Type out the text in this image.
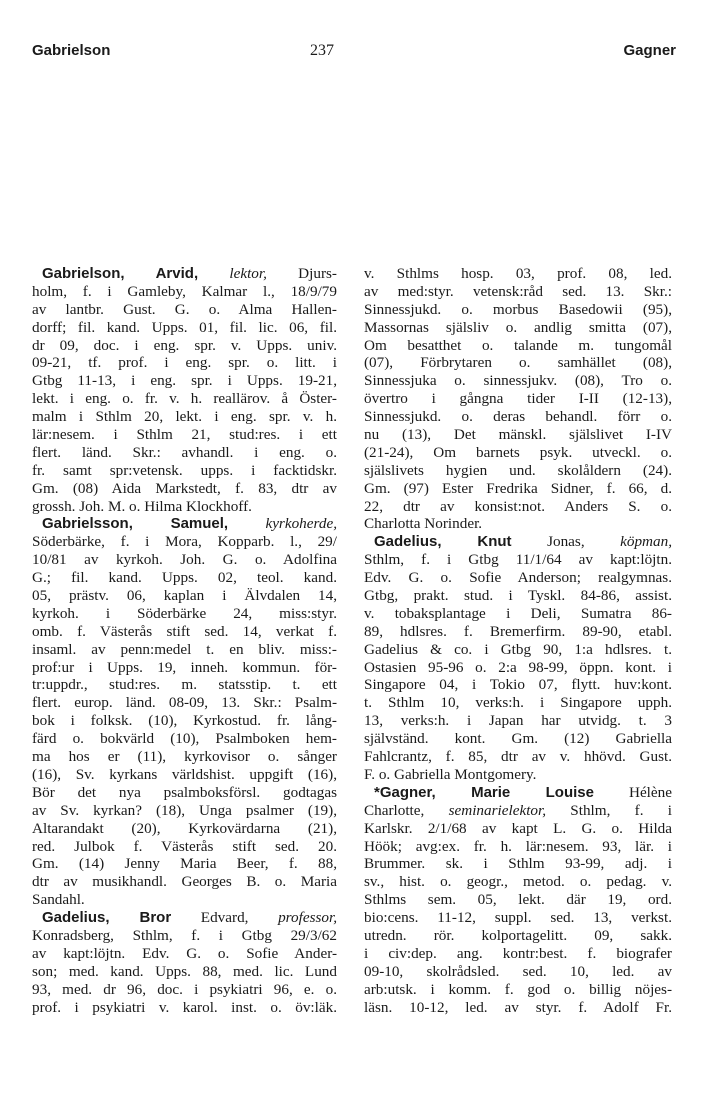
Gabrielson	237	Gagner
Gabrielson, Arvid, lektor, Djurs-
holm, f. i Gamleby, Kalmar l., 18/9/79
av lantbr. Gust. G. o. Alma Hallen-
dorff; fil. kand. Upps. 01, fil. lic. 06, fil.
dr 09, doc. i eng. spr. v. Upps. univ.
09-21, tf. prof. i eng. spr. o. litt. i
Gtbg 11-13, i eng. spr. i Upps. 19-21,
lekt. i eng. o. fr. v. h. reallärov. å Öster-
malm i Sthlm 20, lekt. i eng. spr. v. h.
lär:nesem. i Sthlm 21, stud:res. i ett
flert. länd. Skr.: avhandl. i eng. o.
fr. samt spr:vetensk. upps. i facktidskr.
Gm. (08) Aida Markstedt, f. 83, dtr av
grossh. Joh. M. o. Hilma Klockhoff.
Gabrielsson, Samuel, kyrkoherde,
Söderbärke, f. i Mora, Kopparb. l., 29/
10/81 av kyrkoh. Joh. G. o. Adolfina
G.; fil. kand. Upps. 02, teol. kand.
05, prästv. 06, kaplan i Älvdalen 14,
kyrkoh. i Söderbärke 24, miss:styr.
omb. f. Västerås stift sed. 14, verkat f.
insaml. av penn:medel t. en bliv. miss:-
prof:ur i Upps. 19, inneh. kommun. för-
tr:uppdr., stud:res. m. statsstip. t. ett
flert. europ. länd. 08-09, 13. Skr.: Psalm-
bok i folksk. (10), Kyrkostud. fr. lång-
färd o. bokvärld (10), Psalmboken hem-
ma hos er (11), kyrkovisor o. sånger
(16), Sv. kyrkans världshist. uppgift (16),
Bör det nya psalmboksförsl. godtagas
av Sv. kyrkan? (18), Unga psalmer (19),
Altarandakt (20), Kyrkovärdarna (21),
red. Julbok f. Västerås stift sed. 20.
Gm. (14) Jenny Maria Beer, f. 88,
dtr av musikhandl. Georges B. o. Maria
Sandahl.
Gadelius, Bror Edvard, professor,
Konradsberg, Sthlm, f. i Gtbg 29/3/62
av kapt:löjtn. Edv. G. o. Sofie Ander-
son; med. kand. Upps. 88, med. lic. Lund
93, med. dr 96, doc. i psykiatri 96, e. o.
prof. i psykiatri v. karol. inst. o. öv:läk.
v. Sthlms hosp. 03, prof. 08, led.
av med:styr. vetensk:råd sed. 13. Skr.:
Sinnessjukd. o. morbus Basedowii (95),
Massornas själsliv o. andlig smitta (07),
Om besatthet o. talande m. tungomål
(07), Förbrytaren o. samhället (08),
Sinnessjuka o. sinnessjukv. (08), Tro o.
övertro i gångna tider I-II (12-13),
Sinnessjukd. o. deras behandl. förr o.
nu (13), Det mänskl. själslivet I-IV
(21-24), Om barnets psyk. utveckl. o.
själslivets hygien und. skolåldern (24).
Gm. (97) Ester Fredrika Sidner, f. 66, d.
22, dtr av konsist:not. Anders S. o.
Charlotta Norinder.
Gadelius, Knut Jonas, köpman,
Sthlm, f. i Gtbg 11/1/64 av kapt:löjtn.
Edv. G. o. Sofie Anderson; realgymnas.
Gtbg, prakt. stud. i Tyskl. 84-86, assist.
v. tobaksplantage i Deli, Sumatra 86-
89, hdlsres. f. Bremerfirm. 89-90, etabl.
Gadelius & co. i Gtbg 90, 1:a hdlsres. t.
Ostasien 95-96 o. 2:a 98-99, öppn. kont. i
Singapore 04, i Tokio 07, flytt. huv:kont.
t. Sthlm 10, verks:h. i Singapore upph.
13, verks:h. i Japan har utvidg. t. 3
självständ. kont. Gm. (12) Gabriella
Fahlcrantz, f. 85, dtr av v. hhövd. Gust.
F. o. Gabriella Montgomery.
*Gagner, Marie Louise Hélène
Charlotte, seminarielektor, Sthlm, f. i
Karlskr. 2/1/68 av kapt L. G. o. Hilda
Höök; avg:ex. fr. h. lär:nesem. 93, lär. i
Brummer. sk. i Sthlm 93-99, adj. i
sv., hist. o. geogr., metod. o. pedag. v.
Sthlms sem. 05, lekt. där 19, ord.
bio:cens. 11-12, suppl. sed. 13, verkst.
utredn. rör. kolportagelitt. 09, sakk.
i civ:dep. ang. kontr:best. f. biografer
09-10, skolrådsled. sed. 10, led. av
arb:utsk. i komm. f. god o. billig nöjes-
läsn. 10-12, led. av styr. f. Adolf Fr.
